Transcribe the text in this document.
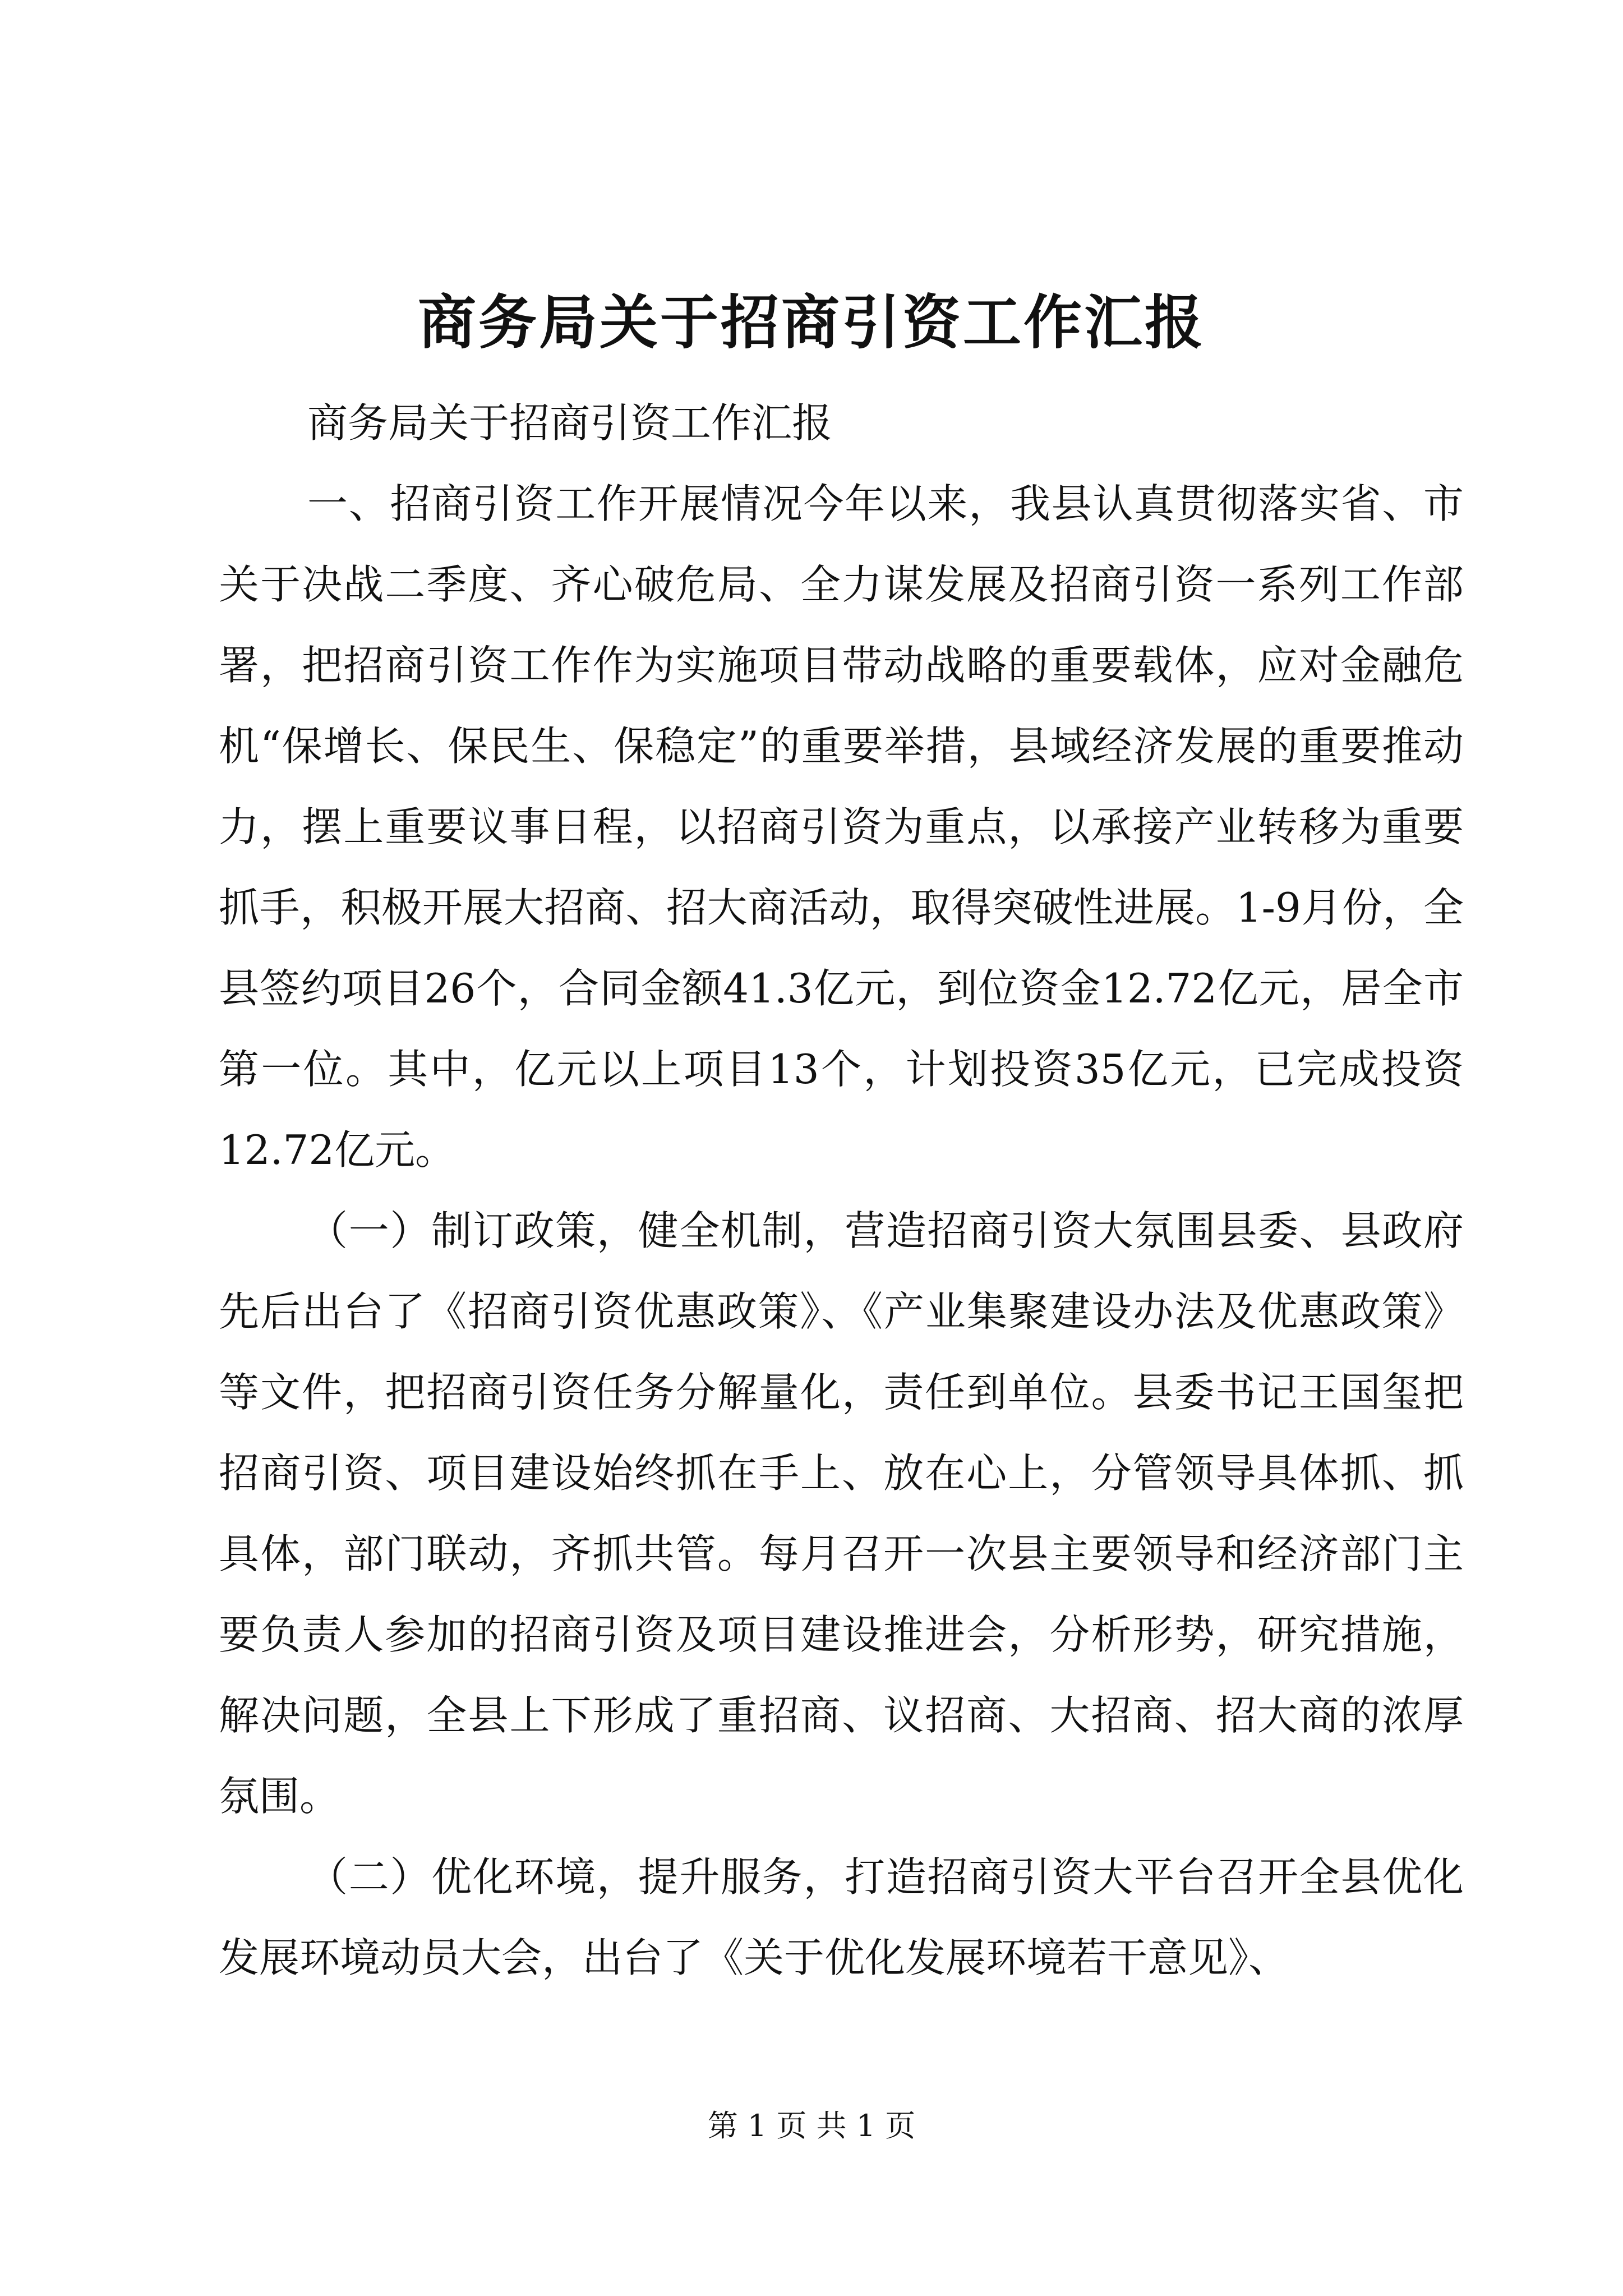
商务局关于招商引资工作汇报

商务局关于招商引资工作汇报

一、招商引资工作开展情况今年以来，我县认真贯彻落实省、市关于决战二季度、齐心破危局、全力谋发展及招商引资一系列工作部署，把招商引资工作作为实施项目带动战略的重要载体，应对金融危机“保增长、保民生、保稳定”的重要举措，县域经济发展的重要推动力，摆上重要议事日程，以招商引资为重点，以承接产业转移为重要抓手，积极开展大招商、招大商活动，取得突破性进展。1-9月份，全县签约项目26个，合同金额41.3亿元，到位资金12.72亿元，居全市第一位。其中，亿元以上项目13个，计划投资35亿元，已完成投资12.72亿元。

（一）制订政策，健全机制，营造招商引资大氛围县委、县政府先后出台了《招商引资优惠政策》、《产业集聚建设办法及优惠政策》等文件，把招商引资任务分解量化，责任到单位。县委书记王国玺把招商引资、项目建设始终抓在手上、放在心上，分管领导具体抓、抓具体，部门联动，齐抓共管。每月召开一次县主要领导和经济部门主要负责人参加的招商引资及项目建设推进会，分析形势，研究措施，解决问题，全县上下形成了重招商、议招商、大招商、招大商的浓厚氛围。

（二）优化环境，提升服务，打造招商引资大平台召开全县优化发展环境动员大会，出台了《关于优化发展环境若干意见》、

第 1 页 共 1 页
